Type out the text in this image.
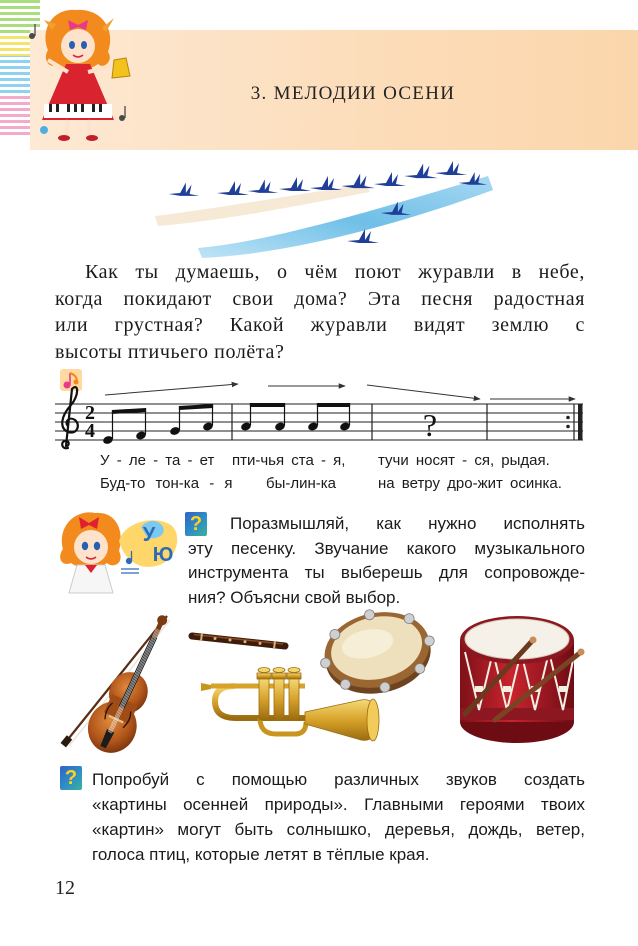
3. МЕЛОДИИ ОСЕНИ
Как ты думаешь, о чём поют журавли в небе,
когда покидают свои дома? Эта песня радостная
или грустная? Какой журавли видят землю с
высоты птичьего полёта?
2
4	?
У - ле - та - ет пти-чья ста - я, тучи носят - ся, рыдая.
Буд-то тон-ка - я бы-лин-ка	на ветру дро-жит осинка.
У
Ю
?	Поразмышляй, как нужно исполнять
эту песенку. Звучание какого музыкального
инструмента ты выберешь для сопровожде-
ния? Объясни свой выбор.
? Попробуй с помощью различных звуков создать
«картины осенней природы». Главными героями твоих
«картин» могут быть солнышко, деревья, дождь, ветер,
голоса птиц, которые летят в тёплые края.
12
